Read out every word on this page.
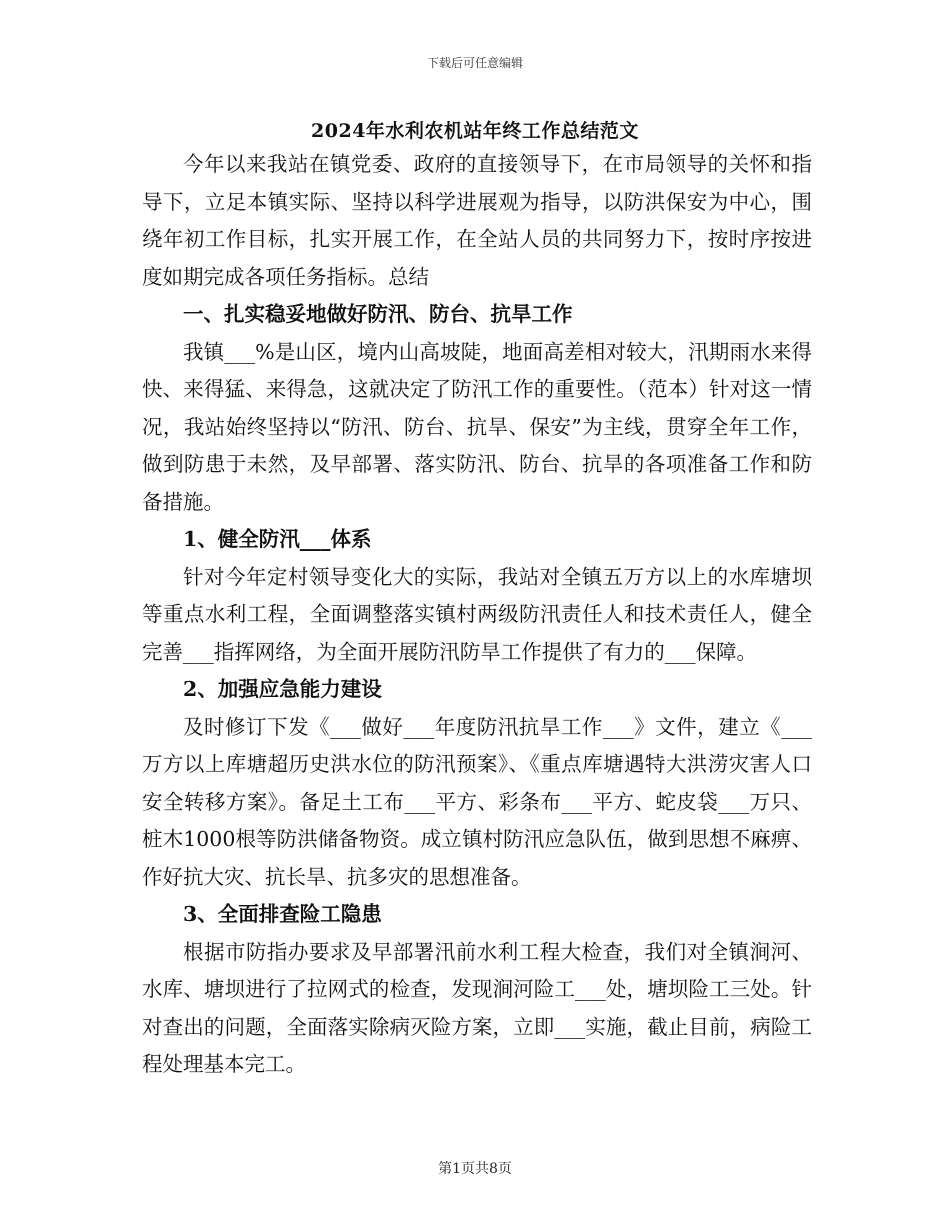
下载后可任意编辑
2024年水利农机站年终工作总结范文

今年以来我站在镇党委、政府的直接领导下，在市局领导的关怀和指导下，立足本镇实际、坚持以科学进展观为指导，以防洪保安为中心，围绕年初工作目标，扎实开展工作，在全站人员的共同努力下，按时序按进度如期完成各项任务指标。总结

一、扎实稳妥地做好防汛、防台、抗旱工作

我镇___%是山区，境内山高坡陡，地面高差相对较大，汛期雨水来得快、来得猛、来得急，这就决定了防汛工作的重要性。（范本）针对这一情况，我站始终坚持以“防汛、防台、抗旱、保安”为主线，贯穿全年工作，做到防患于未然，及早部署、落实防汛、防台、抗旱的各项准备工作和防备措施。

1、健全防汛___体系

针对今年定村领导变化大的实际，我站对全镇五万方以上的水库塘坝等重点水利工程，全面调整落实镇村两级防汛责任人和技术责任人，健全完善___指挥网络，为全面开展防汛防旱工作提供了有力的___保障。

2、加强应急能力建设

及时修订下发《___做好___年度防汛抗旱工作___》文件，建立《___万方以上库塘超历史洪水位的防汛预案》、《重点库塘遇特大洪涝灾害人口安全转移方案》。备足土工布___平方、彩条布___平方、蛇皮袋___万只、桩木1000根等防洪储备物资。成立镇村防汛应急队伍，做到思想不麻痹、作好抗大灾、抗长旱、抗多灾的思想准备。

3、全面排查险工隐患

根据市防指办要求及早部署汛前水利工程大检查，我们对全镇涧河、水库、塘坝进行了拉网式的检查，发现涧河险工___处，塘坝险工三处。针对查出的问题，全面落实除病灭险方案，立即___实施，截止目前，病险工程处理基本完工。

第1页共8页
